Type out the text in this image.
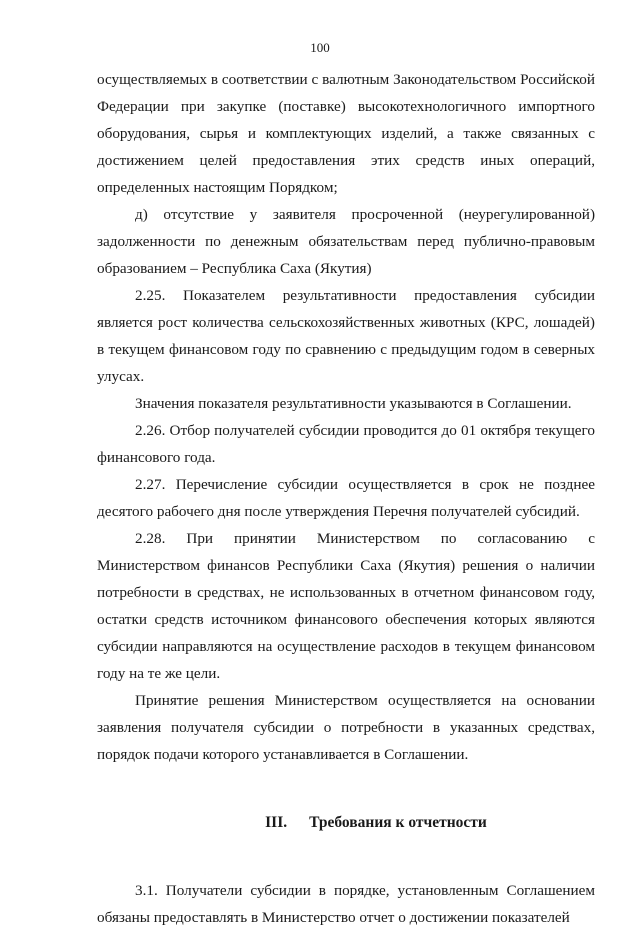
100

осуществляемых в соответствии с валютным Законодательством Российской Федерации при закупке (поставке) высокотехнологичного импортного оборудования, сырья и комплектующих изделий, а также связанных с достижением целей предоставления этих средств иных операций, определенных настоящим Порядком;

д) отсутствие у заявителя просроченной (неурегулированной) задолженности по денежным обязательствам перед публично-правовым образованием – Республика Саха (Якутия)

2.25. Показателем результативности предоставления субсидии является рост количества сельскохозяйственных животных (КРС, лошадей) в текущем финансовом году по сравнению с предыдущим годом в северных улусах.

Значения показателя результативности указываются в Соглашении.

2.26. Отбор получателей субсидии проводится до 01 октября текущего финансового года.

2.27. Перечисление субсидии осуществляется в срок не позднее десятого рабочего дня после утверждения Перечня получателей субсидий.

2.28. При принятии Министерством по согласованию с Министерством финансов Республики Саха (Якутия) решения о наличии потребности в средствах, не использованных в отчетном финансовом году, остатки средств источником финансового обеспечения которых являются субсидии направляются на осуществление расходов в текущем финансовом году на те же цели.

Принятие решения Министерством осуществляется на основании заявления получателя субсидии о потребности в указанных средствах, порядок подачи которого устанавливается в Соглашении.

III. Требования к отчетности

3.1. Получатели субсидии в порядке, установленным Соглашением обязаны предоставлять в Министерство отчет о достижении показателей
